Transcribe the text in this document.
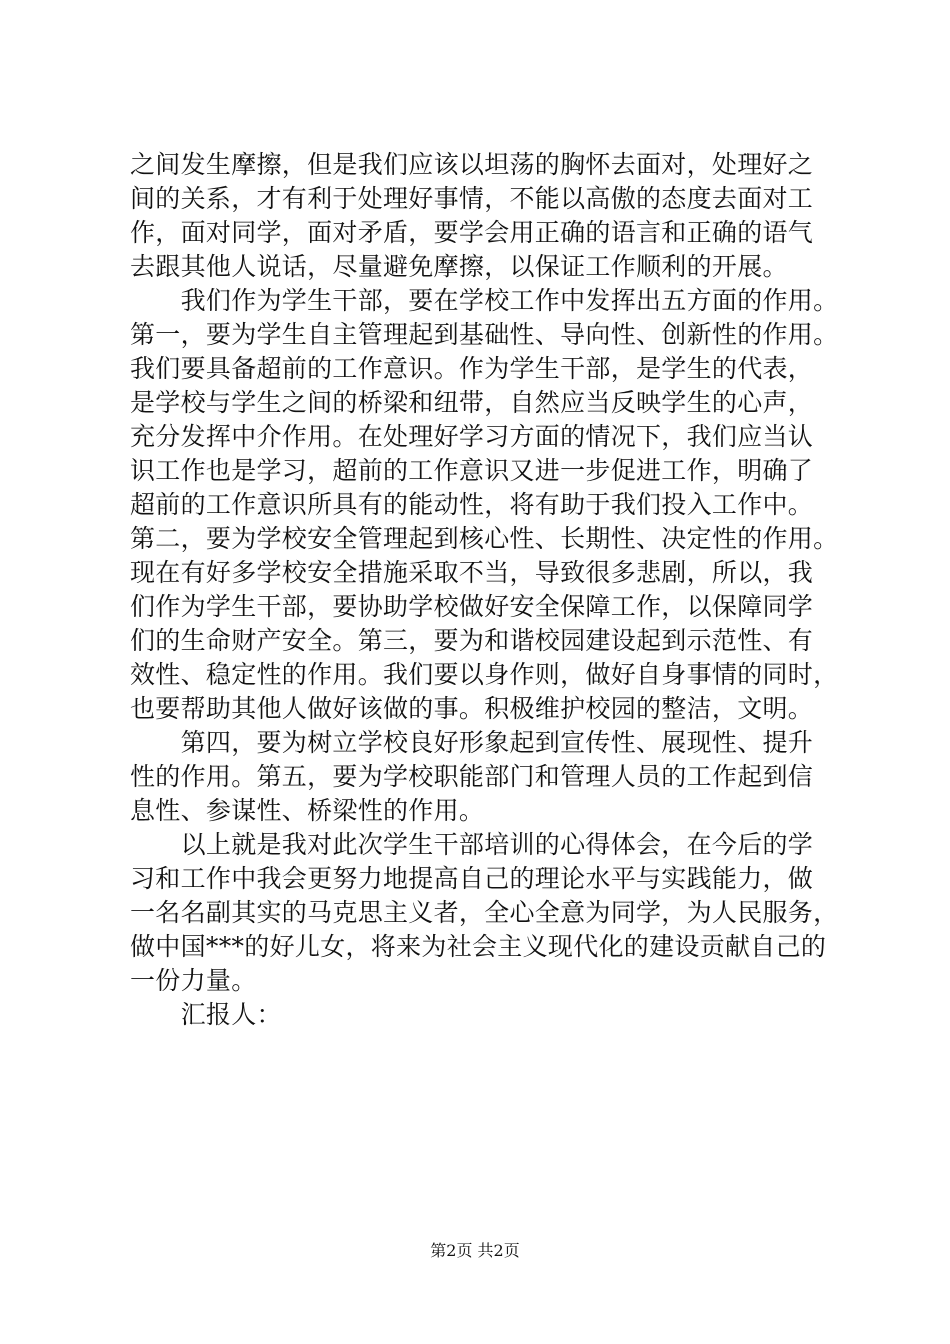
之间发生摩擦，但是我们应该以坦荡的胸怀去面对，处理好之
间的关系，才有利于处理好事情，不能以高傲的态度去面对工
作，面对同学，面对矛盾，要学会用正确的语言和正确的语气
去跟其他人说话，尽量避免摩擦，以保证工作顺利的开展。
　　我们作为学生干部，要在学校工作中发挥出五方面的作用。
第一，要为学生自主管理起到基础性、导向性、创新性的作用。
我们要具备超前的工作意识。作为学生干部，是学生的代表，
是学校与学生之间的桥梁和纽带，自然应当反映学生的心声，
充分发挥中介作用。在处理好学习方面的情况下，我们应当认
识工作也是学习，超前的工作意识又进一步促进工作，明确了
超前的工作意识所具有的能动性，将有助于我们投入工作中。
第二，要为学校安全管理起到核心性、长期性、决定性的作用。
现在有好多学校安全措施采取不当，导致很多悲剧，所以，我
们作为学生干部，要协助学校做好安全保障工作，以保障同学
们的生命财产安全。第三，要为和谐校园建设起到示范性、有
效性、稳定性的作用。我们要以身作则，做好自身事情的同时，
也要帮助其他人做好该做的事。积极维护校园的整洁，文明。
　　第四，要为树立学校良好形象起到宣传性、展现性、提升
性的作用。第五，要为学校职能部门和管理人员的工作起到信
息性、参谋性、桥梁性的作用。
　　以上就是我对此次学生干部培训的心得体会，在今后的学
习和工作中我会更努力地提高自己的理论水平与实践能力，做
一名名副其实的马克思主义者，全心全意为同学，为人民服务，
做中国***的好儿女，将来为社会主义现代化的建设贡献自己的
一份力量。
　　汇报人：
第2页 共2页
